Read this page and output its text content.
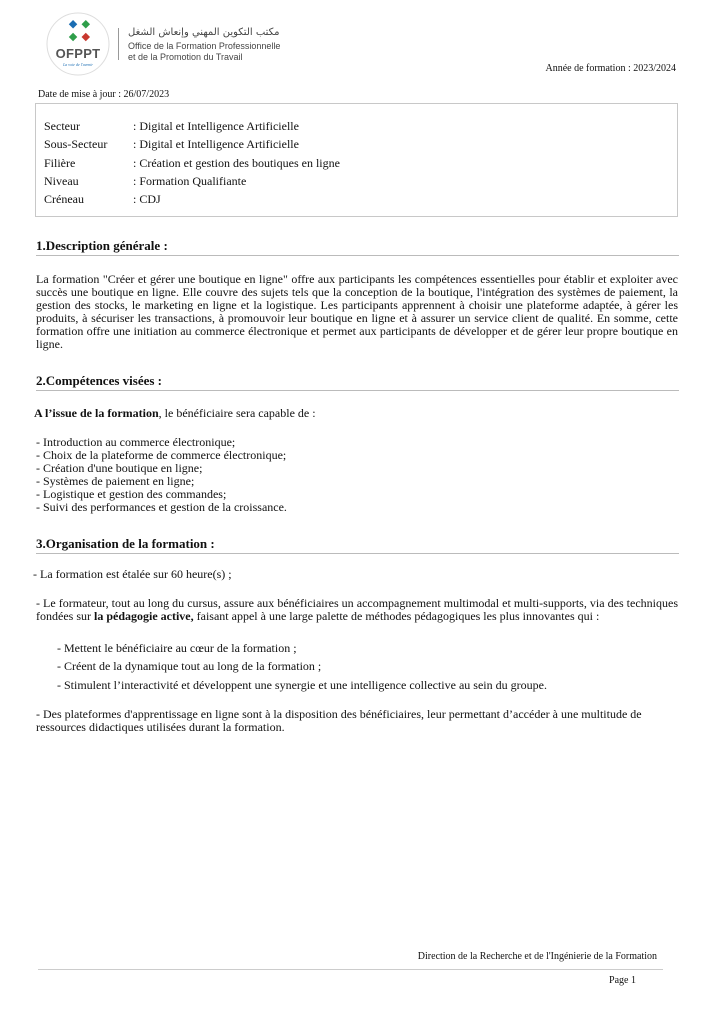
OFPPT
La voie de l'avenir
مكتب التكوين المهني وإنعاش الشغل
Office de la Formation Professionnelle
et de la Promotion du Travail
Année de formation : 2023/2024
Date de mise à jour : 26/07/2023
Secteur	: Digital et Intelligence Artificielle
Sous-Secteur	: Digital et Intelligence Artificielle
Filière	: Création et gestion des boutiques en ligne
Niveau	: Formation Qualifiante
Créneau	: CDJ
1.Description générale :
La formation "Créer et gérer une boutique en ligne" offre aux participants les compétences essentielles pour établir et exploiter avec succès une boutique en ligne. Elle couvre des sujets tels que la conception de la boutique, l'intégration des systèmes de paiement, la gestion des stocks, le marketing en ligne et la logistique. Les participants apprennent à choisir une plateforme adaptée, à gérer les produits, à sécuriser les transactions, à promouvoir leur boutique en ligne et à assurer un service client de qualité. En somme, cette formation offre une initiation au commerce électronique et permet aux participants de développer et de gérer leur propre boutique en ligne.
2.Compétences visées :
A l’issue de la formation, le bénéficiaire sera capable de :
- Introduction au commerce électronique;
- Choix de la plateforme de commerce électronique;
- Création d'une boutique en ligne;
- Systèmes de paiement en ligne;
- Logistique et gestion des commandes;
- Suivi des performances et gestion de la croissance.
3.Organisation de la formation :
- La formation est étalée sur 60 heure(s) ;
- Le formateur, tout au long du cursus, assure aux bénéficiaires un accompagnement multimodal et multi-supports, via des techniques fondées sur la pédagogie active, faisant appel à une large palette de méthodes pédagogiques les plus innovantes qui :
- Mettent le bénéficiaire au cœur de la formation ;
- Créent de la dynamique tout au long de la formation ;
- Stimulent l’interactivité et développent une synergie et une intelligence collective au sein du groupe.
- Des plateformes d'apprentissage en ligne sont à la disposition des bénéficiaires, leur permettant d’accéder à une multitude de ressources didactiques utilisées durant la formation.
Direction de la Recherche et de l'Ingénierie de la Formation
Page 1
